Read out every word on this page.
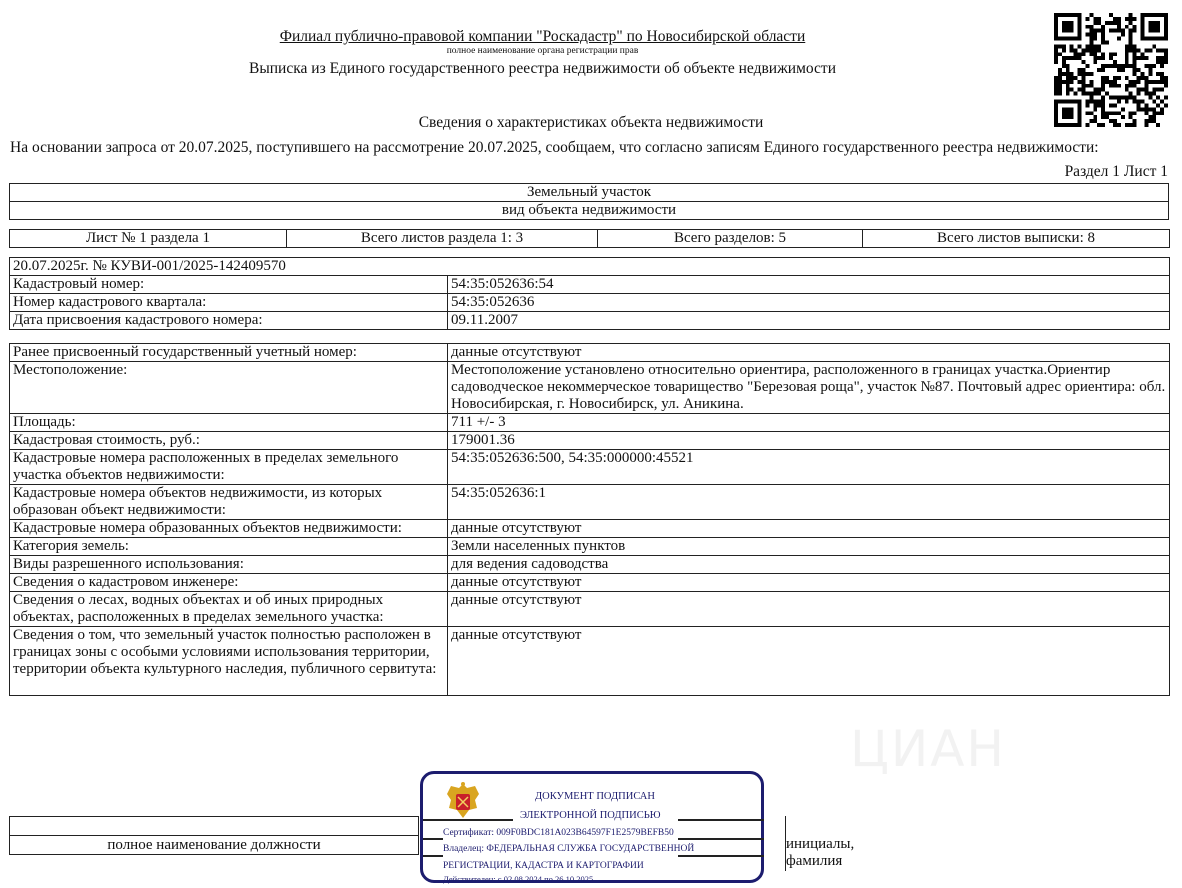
Филиал публично-правовой компании "Роскадастр" по Новосибирской области
полное наименование органа регистрации прав
Выписка из Единого государственного реестра недвижимости об объекте недвижимости
Сведения о характеристиках объекта недвижимости
На основании запроса от 20.07.2025, поступившего на рассмотрение 20.07.2025, сообщаем, что согласно записям Единого государственного реестра недвижимости:
Раздел 1 Лист 1
Земельный участок
вид объекта недвижимости
Лист № 1 раздела 1	Всего листов раздела 1: 3	Всего разделов: 5	Всего листов выписки: 8
20.07.2025г. № КУВИ-001/2025-142409570	
Кадастровый номер:	54:35:052636:54
Номер кадастрового квартала:	54:35:052636
Дата присвоения кадастрового номера:	09.11.2007
Ранее присвоенный государственный учетный номер:	данные отсутствуют
Местоположение:	Местоположение установлено относительно ориентира, расположенного в границах участка.Ориентир садоводческое некоммерческое товарищество "Березовая роща", участок №87. Почтовый адрес ориентира: обл. Новосибирская, г. Новосибирск, ул. Аникина.
Площадь:	711 +/- 3
Кадастровая стоимость, руб.:	179001.36
Кадастровые номера расположенных в пределах земельного участка объектов недвижимости:	54:35:052636:500, 54:35:000000:45521
Кадастровые номера объектов недвижимости, из которых образован объект недвижимости:	54:35:052636:1
Кадастровые номера образованных объектов недвижимости:	данные отсутствуют
Категория земель:	Земли населенных пунктов
Виды разрешенного использования:	для ведения садоводства
Сведения о кадастровом инженере:	данные отсутствуют
Сведения о лесах, водных объектах и об иных природных объектах, расположенных в пределах земельного участка:	данные отсутствуют
Сведения о том, что земельный участок полностью расположен в границах зоны с особыми условиями использования территории, территории объекта культурного наследия, публичного сервитута:	данные отсутствуют
ЦИАН

полное наименование должности	инициалы, фамилия
ДОКУМЕНТ ПОДПИСАН
ЭЛЕКТРОННОЙ ПОДПИСЬЮ
Сертификат: 009F0BDC181A023B64597F1E2579BEFB50
Владелец: ФЕДЕРАЛЬНАЯ СЛУЖБА ГОСУДАРСТВЕННОЙ
РЕГИСТРАЦИИ, КАДАСТРА И КАРТОГРАФИИ
Действителен: с 02.08.2024 по 26.10.2025
